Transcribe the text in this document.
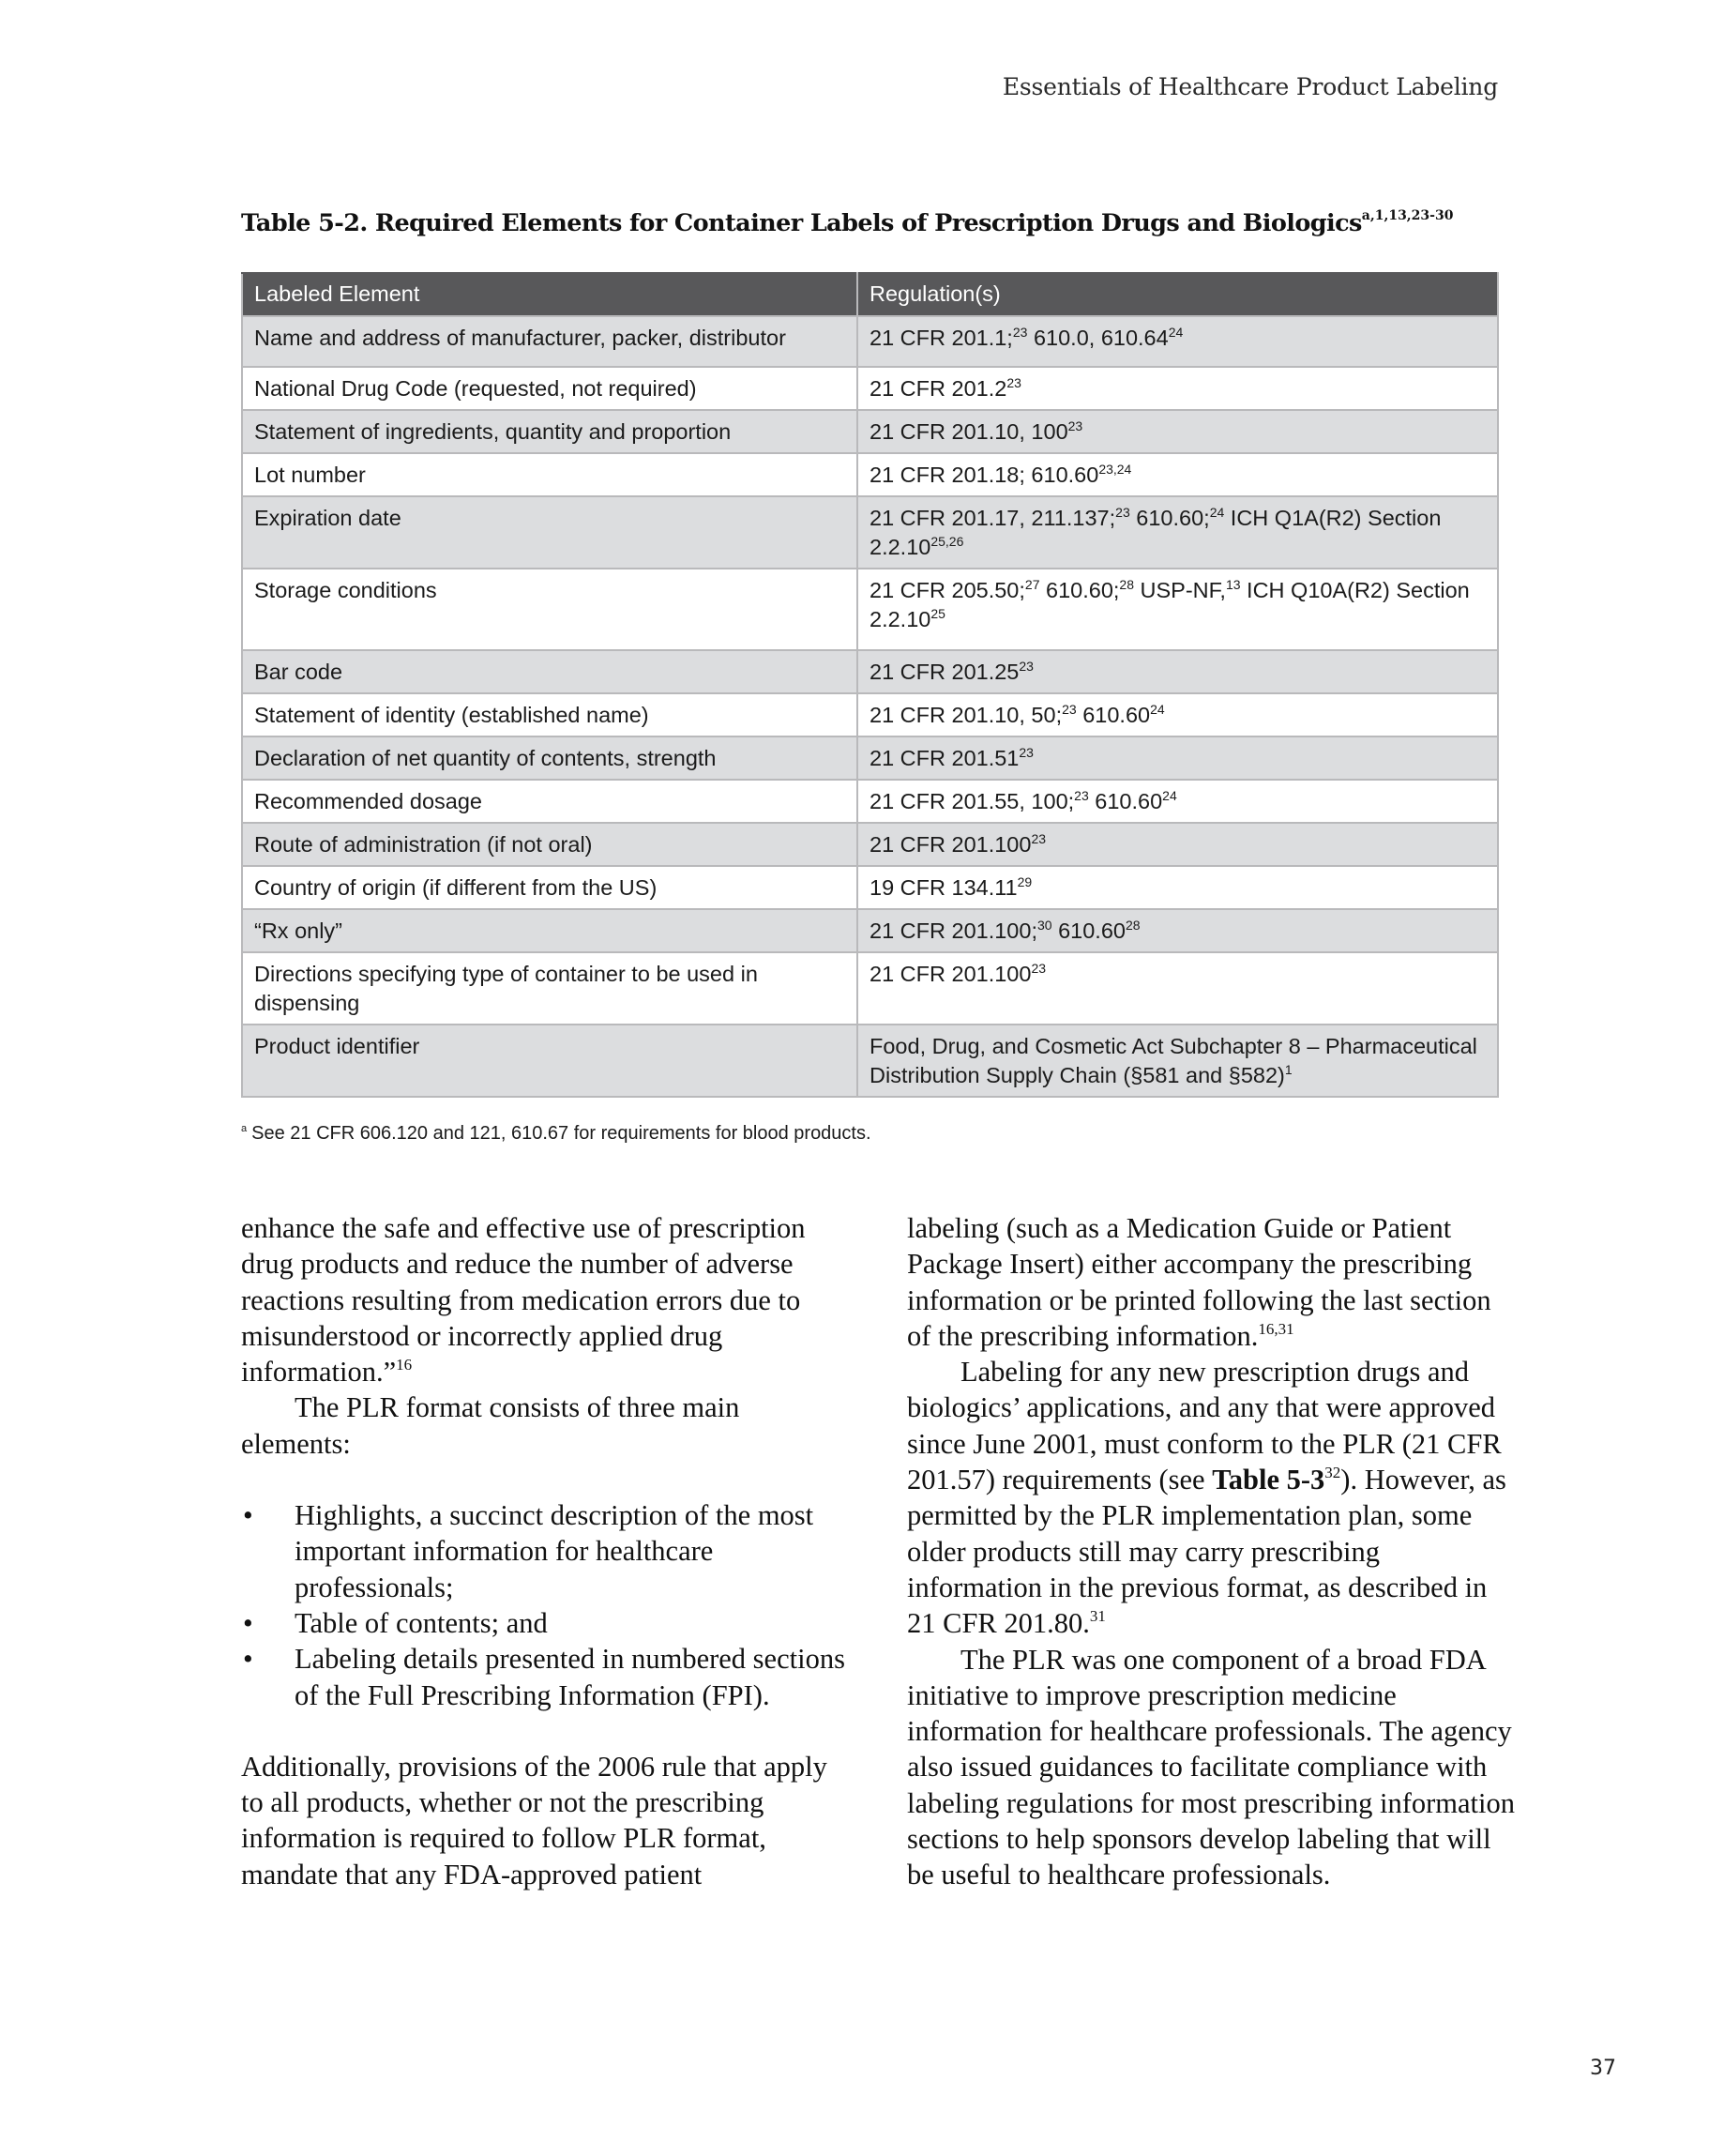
Essentials of Healthcare Product Labeling
Table 5-2. Required Elements for Container Labels of Prescription Drugs and Biologics$^{a,1,13,23-30}$
Labeled Element	Regulation(s)
Name and address of manufacturer, packer, distributor	21 CFR 201.1;$^{23}$ 610.0, 610.64$^{24}$
National Drug Code (requested, not required)	21 CFR 201.2$^{23}$
Statement of ingredients, quantity and proportion	21 CFR 201.10, $100^{23}$
Lot number	21 CFR 201.18; 610.60$^{23,24}$
Expiration date	21 CFR 201.17, 211.137;$^{23}$ 610.60;$^{24}$ ICH Q1A(R2) Section 2.2.10$^{25,26}$
Storage conditions	21 CFR 205.50;$^{27}$ 610.60;$^{28}$ USP-NF,$^{13}$ ICH Q10A(R2) Section 2.2.10$^{25}$
Bar code	21 CFR 201.25$^{23}$
Statement of identity (established name)	21 CFR 201.10, 50;$^{23}$ 610.60$^{24}$
Declaration of net quantity of contents, strength	21 CFR 201.51$^{23}$
Recommended dosage	21 CFR 201.55, 100;$^{23}$ 610.60$^{24}$
Route of administration (if not oral)	21 CFR 201.100$^{23}$
Country of origin (if different from the US)	19 CFR 134.11$^{29}$
“Rx only”	21 CFR 201.100;$^{30}$ 610.60$^{28}$
Directions specifying type of container to be used in dispensing	21 CFR 201.100$^{23}$
Product identifier	Food, Drug, and Cosmetic Act Subchapter 8 – Pharmaceutical Distribution Supply Chain (§581 and §582)$^1$
$^a$ See 21 CFR 606.120 and 121, 610.67 for requirements for blood products.

enhance the safe and effective use of prescription drug products and reduce the number of adverse reactions resulting from medication errors due to misunderstood or incorrectly applied drug information.”$^{16}$

The PLR format consists of three main elements:

• Highlights, a succinct description of the most important information for healthcare professionals;
• Table of contents; and
• Labeling details presented in numbered sections of the Full Prescribing Information (FPI).

Additionally, provisions of the 2006 rule that apply to all products, whether or not the prescribing information is required to follow PLR format, mandate that any FDA-approved patient

labeling (such as a Medication Guide or Patient Package Insert) either accompany the prescribing information or be printed following the last section of the prescribing information.$^{16,31}$

Labeling for any new prescription drugs and biologics’ applications, and any that were approved since June 2001, must conform to the PLR (21 CFR 201.57) requirements (see Table $5-3^{32}$). However, as permitted by the PLR implementation plan, some older products still may carry prescribing information in the previous format, as described in 21 CFR 201.80.31

The PLR was one component of a broad FDA initiative to improve prescription medicine information for healthcare professionals. The agency also issued guidances to facilitate compliance with labeling regulations for most prescribing information sections to help sponsors develop labeling that will be useful to healthcare professionals.

37
